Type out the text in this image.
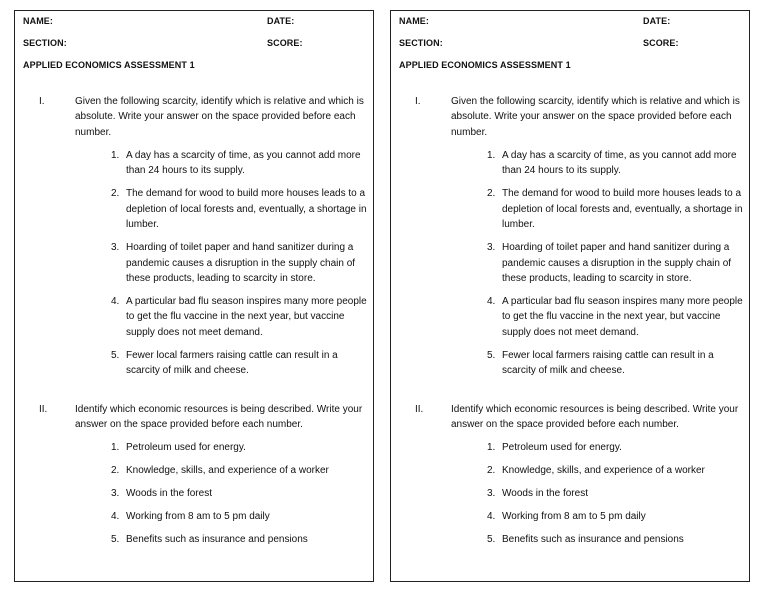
NAME:	DATE:
SECTION:	SCORE:
APPLIED ECONOMICS ASSESSMENT 1
I.	Given the following scarcity, identify which is relative and which is absolute. Write your answer on the space provided before each number.
1. A day has a scarcity of time, as you cannot add more than 24 hours to its supply.
2. The demand for wood to build more houses leads to a depletion of local forests and, eventually, a shortage in lumber.
3. Hoarding of toilet paper and hand sanitizer during a pandemic causes a disruption in the supply chain of these products, leading to scarcity in store.
4. A particular bad flu season inspires many more people to get the flu vaccine in the next year, but vaccine supply does not meet demand.
5. Fewer local farmers raising cattle can result in a scarcity of milk and cheese.
II.	Identify which economic resources is being described. Write your answer on the space provided before each number.
1. Petroleum used for energy.
2. Knowledge, skills, and experience of a worker
3. Woods in the forest
4. Working from 8 am to 5 pm daily
5. Benefits such as insurance and pensions
NAME:	DATE:
SECTION:	SCORE:
APPLIED ECONOMICS ASSESSMENT 1
I.	Given the following scarcity, identify which is relative and which is absolute. Write your answer on the space provided before each number.
1. A day has a scarcity of time, as you cannot add more than 24 hours to its supply.
2. The demand for wood to build more houses leads to a depletion of local forests and, eventually, a shortage in lumber.
3. Hoarding of toilet paper and hand sanitizer during a pandemic causes a disruption in the supply chain of these products, leading to scarcity in store.
4. A particular bad flu season inspires many more people to get the flu vaccine in the next year, but vaccine supply does not meet demand.
5. Fewer local farmers raising cattle can result in a scarcity of milk and cheese.
II.	Identify which economic resources is being described. Write your answer on the space provided before each number.
1. Petroleum used for energy.
2. Knowledge, skills, and experience of a worker
3. Woods in the forest
4. Working from 8 am to 5 pm daily
5. Benefits such as insurance and pensions
